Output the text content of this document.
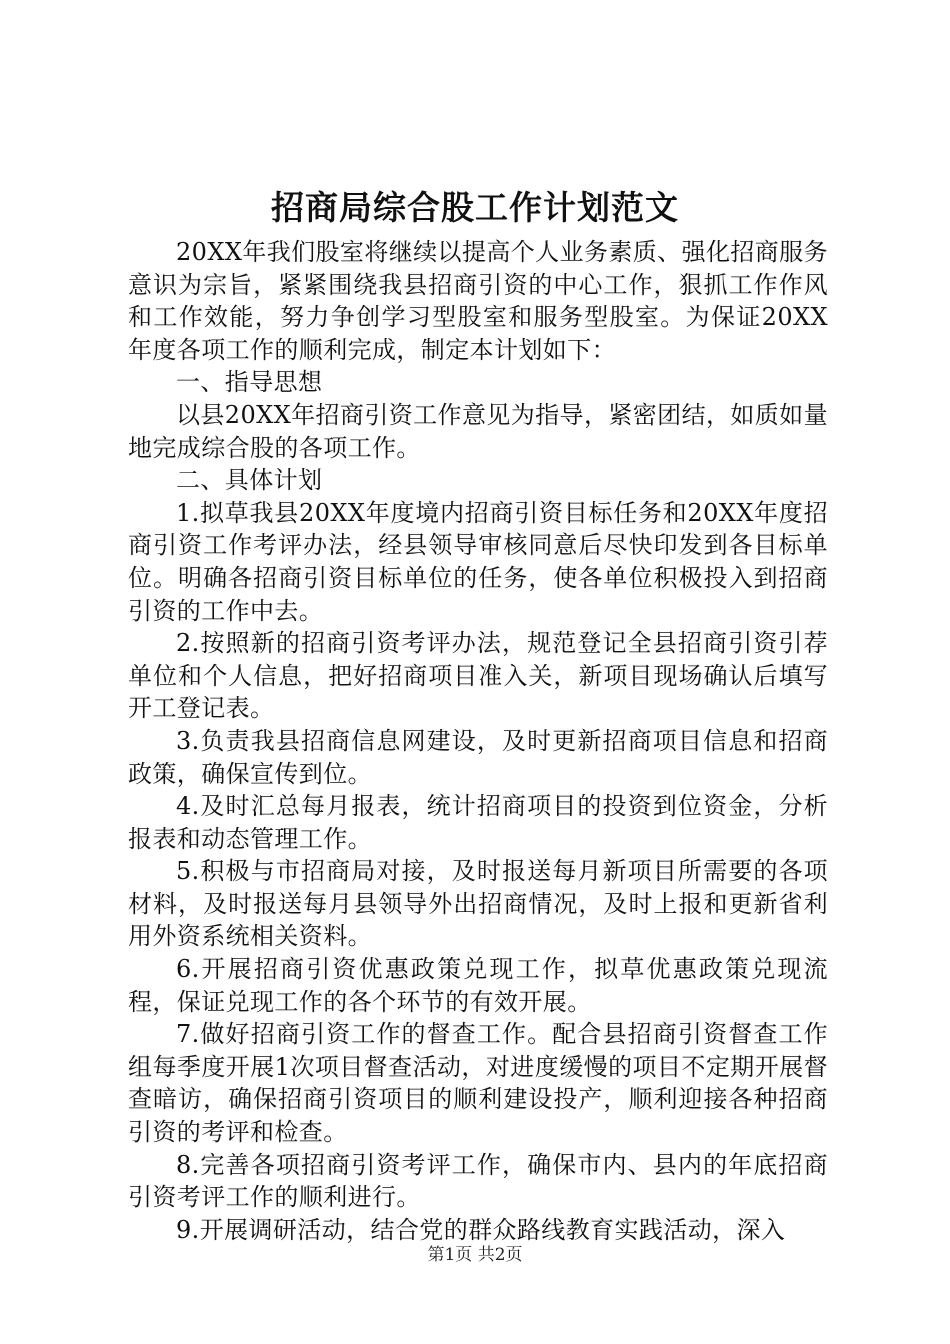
招商局综合股工作计划范文

20XX年我们股室将继续以提高个人业务素质、强化招商服务意识为宗旨，紧紧围绕我县招商引资的中心工作，狠抓工作作风和工作效能，努力争创学习型股室和服务型股室。为保证20XX年度各项工作的顺利完成，制定本计划如下：

一、指导思想

以县20XX年招商引资工作意见为指导，紧密团结，如质如量地完成综合股的各项工作。

二、具体计划

1.拟草我县20XX年度境内招商引资目标任务和20XX年度招商引资工作考评办法，经县领导审核同意后尽快印发到各目标单位。明确各招商引资目标单位的任务，使各单位积极投入到招商引资的工作中去。

2.按照新的招商引资考评办法，规范登记全县招商引资引荐单位和个人信息，把好招商项目准入关，新项目现场确认后填写开工登记表。

3.负责我县招商信息网建设，及时更新招商项目信息和招商政策，确保宣传到位。

4.及时汇总每月报表，统计招商项目的投资到位资金，分析报表和动态管理工作。

5.积极与市招商局对接，及时报送每月新项目所需要的各项材料，及时报送每月县领导外出招商情况，及时上报和更新省利用外资系统相关资料。

6.开展招商引资优惠政策兑现工作，拟草优惠政策兑现流程，保证兑现工作的各个环节的有效开展。

7.做好招商引资工作的督查工作。配合县招商引资督查工作组每季度开展1次项目督查活动，对进度缓慢的项目不定期开展督查暗访，确保招商引资项目的顺利建设投产，顺利迎接各种招商引资的考评和检查。

8.完善各项招商引资考评工作，确保市内、县内的年底招商引资考评工作的顺利进行。

9.开展调研活动，结合党的群众路线教育实践活动，深入

第1页 共2页
